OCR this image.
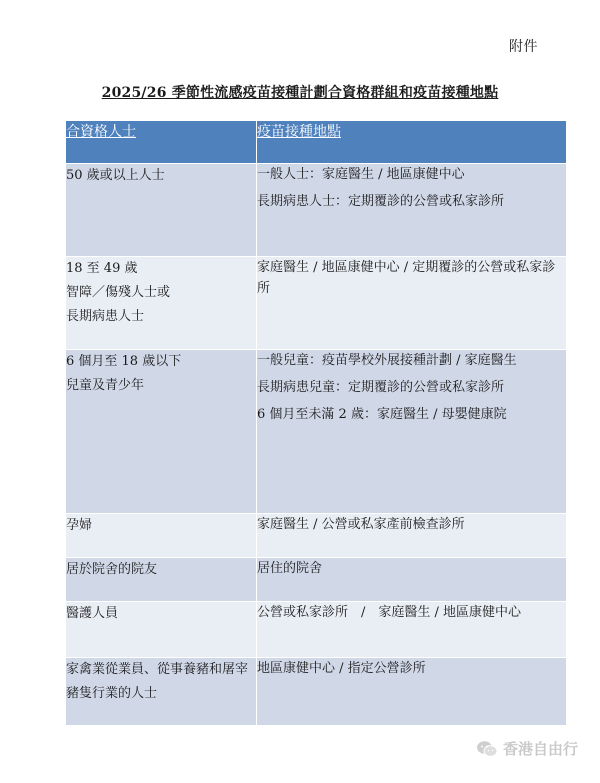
附件
2025/26 季節性流感疫苗接種計劃合資格群組和疫苗接種地點
合資格人士	疫苗接種地點

50 歲或以上人士	一般人士：家庭醫生 / 地區康健中心
長期病患人士：定期覆診的公營或私家診所

18 至 49 歲
智障／傷殘人士或
長期病患人士	家庭醫生 / 地區康健中心 / 定期覆診的公營或私家診所

6 個月至 18 歲以下
兒童及青少年	一般兒童：疫苗學校外展接種計劃 / 家庭醫生
長期病患兒童：定期覆診的公營或私家診所
6 個月至未滿 2 歲：家庭醫生 / 母嬰健康院

孕婦	家庭醫生 / 公營或私家產前檢查診所

居於院舍的院友	居住的院舍

醫護人員	公營或私家診所　/　家庭醫生 / 地區康健中心

家禽業從業員、從事養豬和屠宰豬隻行業的人士	地區康健中心 / 指定公營診所
香港自由行
